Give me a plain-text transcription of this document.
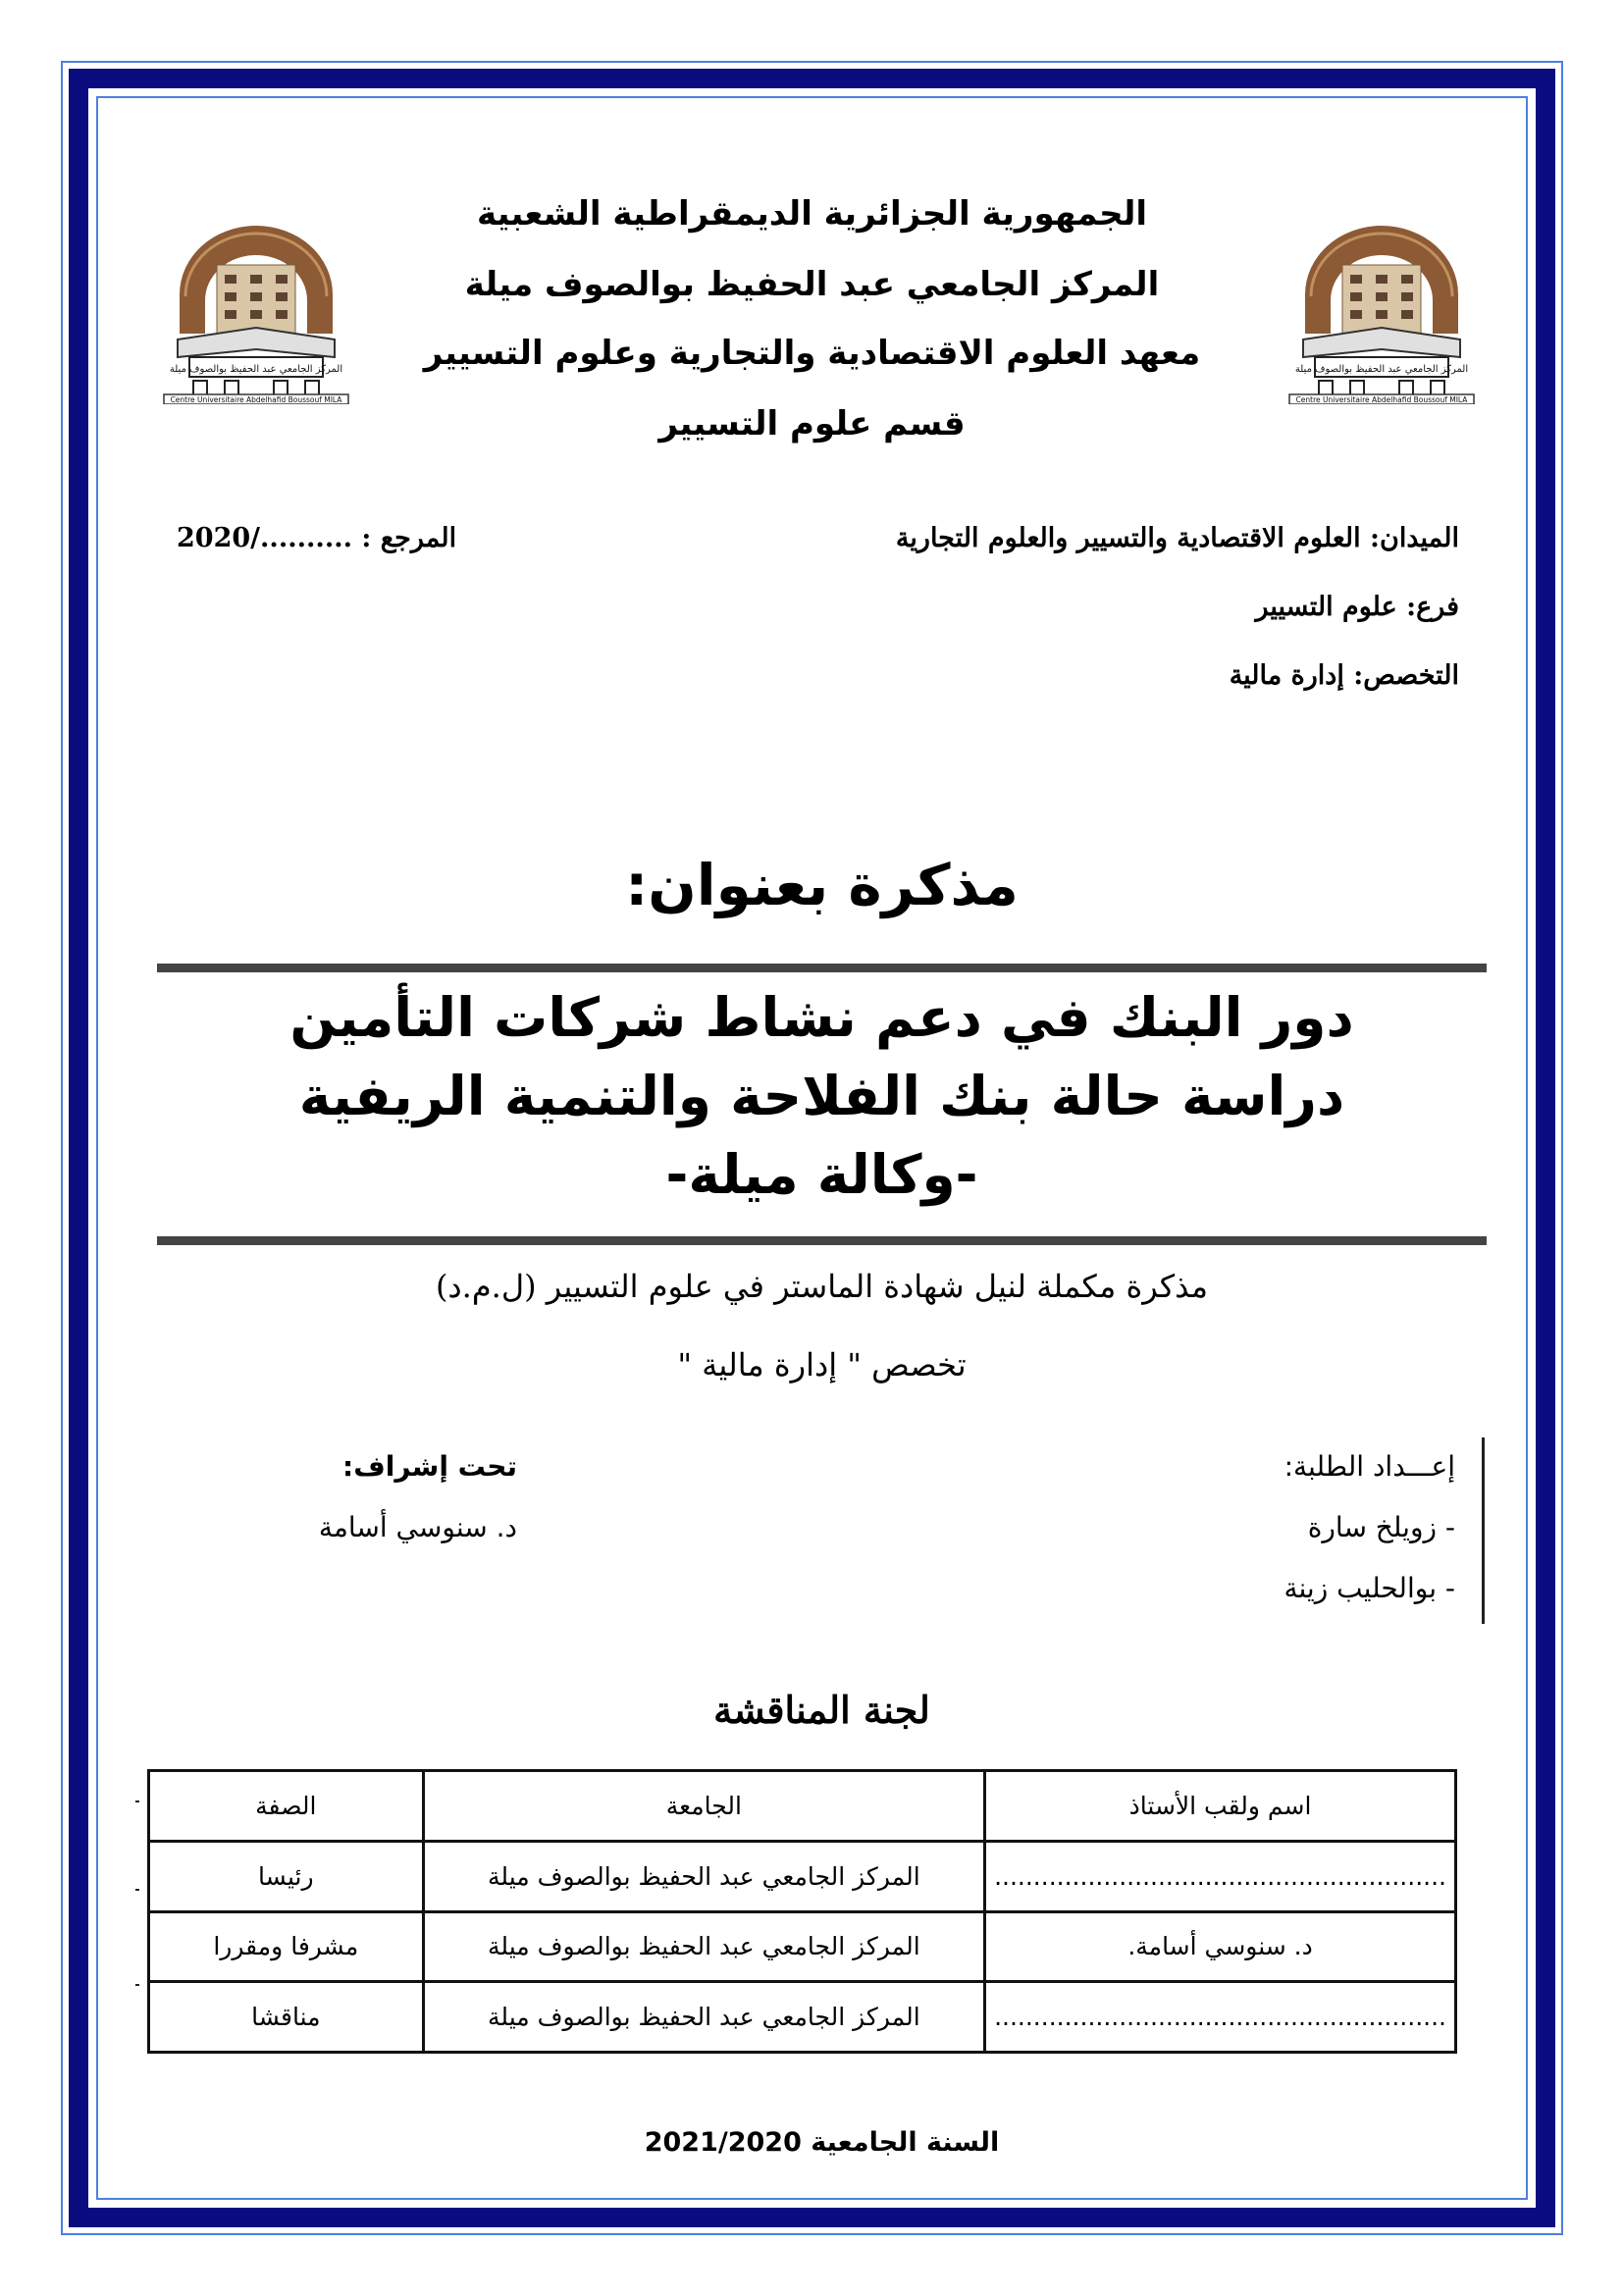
المركز الجامعي عبد الحفيظ بوالصوف ميلة
Centre Universitaire Abdelhafid Boussouf MILA
المركز الجامعي عبد الحفيظ بوالصوف ميلة
Centre Universitaire Abdelhafid Boussouf MILA
الجمهورية الجزائرية الديمقراطية الشعبية
المركز الجامعي عبد الحفيظ بوالصوف ميلة
معهد العلوم الاقتصادية والتجارية وعلوم التسيير
قسم علوم التسيير
الميدان: العلوم الاقتصادية والتسيير والعلوم التجارية
المرجع : ........../2020
فرع: علوم التسيير
التخصص: إدارة مالية
مذكرة بعنوان:
دور البنك في دعم نشاط شركات التأمين
دراسة حالة بنك الفلاحة والتنمية الريفية
-وكالة ميلة-
مذكرة مكملة لنيل شهادة الماستر في علوم التسيير (ل.م.د)
تخصص " إدارة مالية "
إعـــداد الطلبة:
- زويلخ سارة
- بوالحليب زينة
تحت إشراف:
د. سنوسي أسامة
لجنة المناقشة
اسم ولقب الأستاذ	الجامعة	الصفة
..........................................................	المركز الجامعي عبد الحفيظ بوالصوف ميلة	رئيسا
د. سنوسي أسامة.	المركز الجامعي عبد الحفيظ بوالصوف ميلة	مشرفا ومقررا
..........................................................	المركز الجامعي عبد الحفيظ بوالصوف ميلة	مناقشا
السنة الجامعية 2021/2020
